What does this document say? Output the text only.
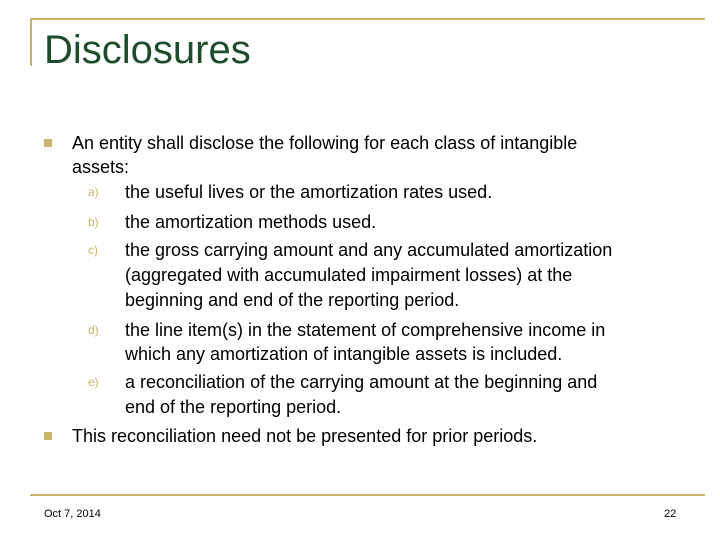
Disclosures
An entity shall disclose the following for each class of intangible
assets:
a) the useful lives or the amortization rates used.
b) the amortization methods used.
c) the gross carrying amount and any accumulated amortization
(aggregated with accumulated impairment losses) at the
beginning and end of the reporting period.
d) the line item(s) in the statement of comprehensive income in
which any amortization of intangible assets is included.
e) a reconciliation of the carrying amount at the beginning and
end of the reporting period.
This reconciliation need not be presented for prior periods.
Oct 7, 2014	22
